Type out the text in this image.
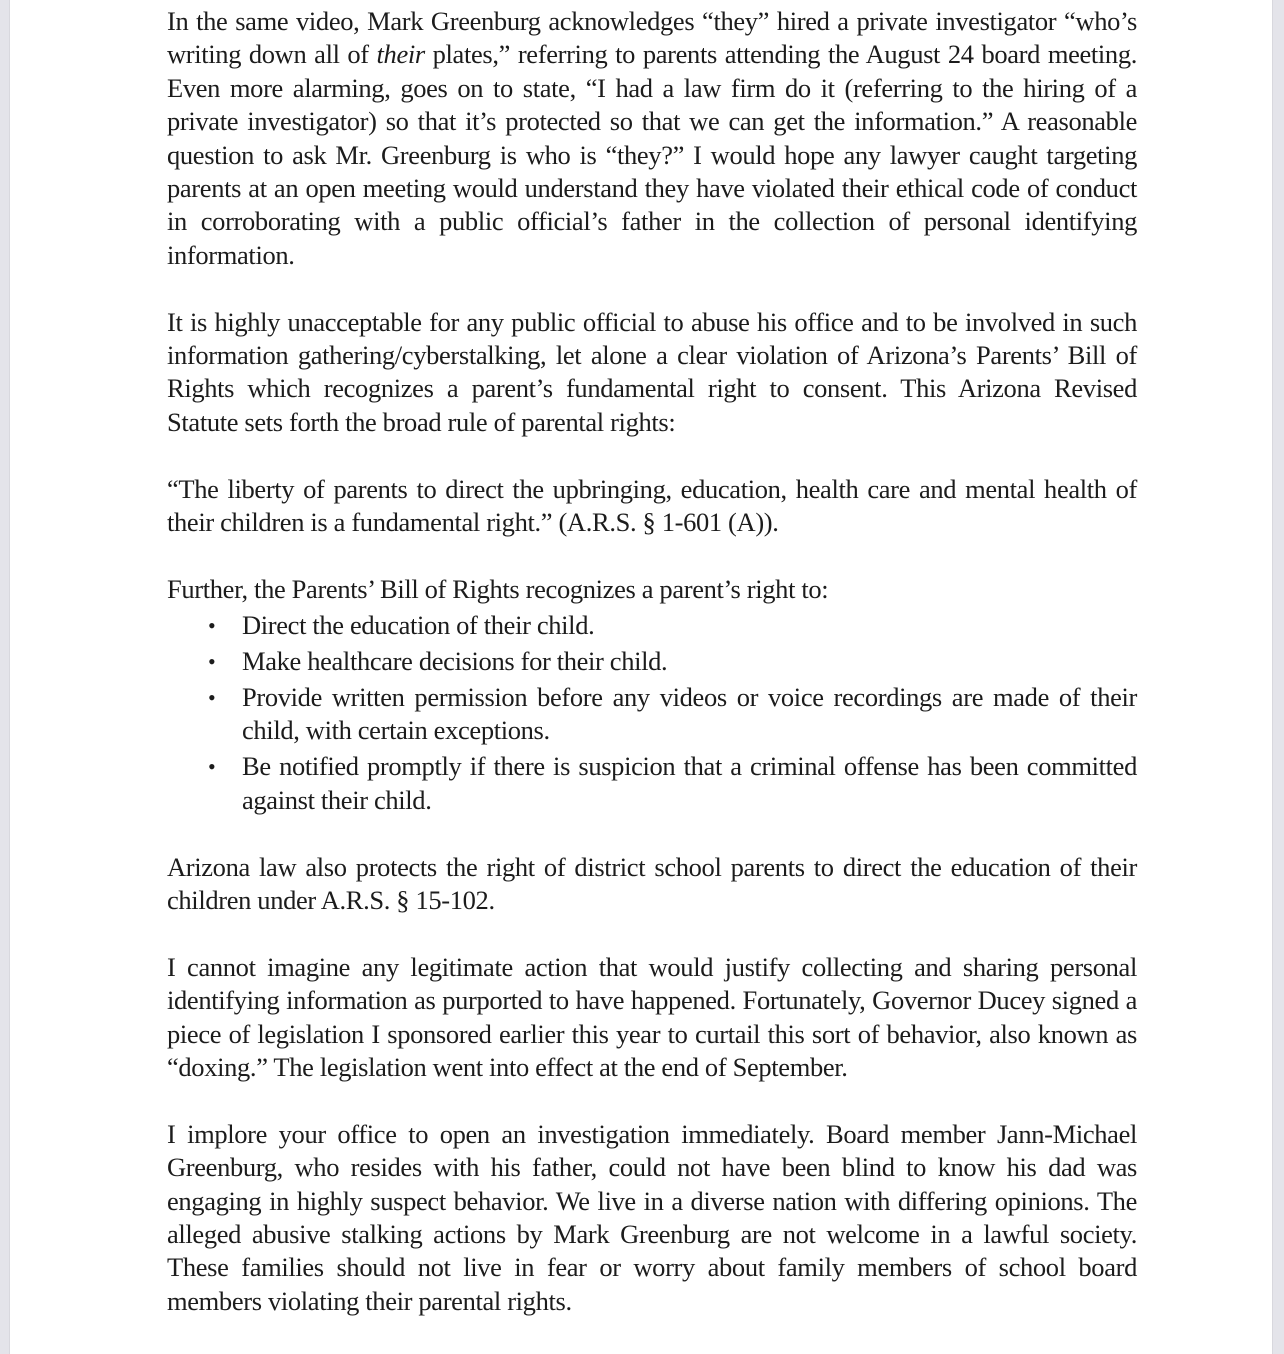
In the same video, Mark Greenburg acknowledges “they” hired a private investigator “who’s writing down all of their plates,” referring to parents attending the August 24 board meeting. Even more alarming, goes on to state, “I had a law firm do it (referring to the hiring of a private investigator) so that it’s protected so that we can get the information.” A reasonable question to ask Mr. Greenburg is who is “they?” I would hope any lawyer caught targeting parents at an open meeting would understand they have violated their ethical code of conduct in corroborating with a public official’s father in the collection of personal identifying information.

It is highly unacceptable for any public official to abuse his office and to be involved in such information gathering/cyberstalking, let alone a clear violation of Arizona’s Parents’ Bill of Rights which recognizes a parent’s fundamental right to consent. This Arizona Revised Statute sets forth the broad rule of parental rights:

“The liberty of parents to direct the upbringing, education, health care and mental health of their children is a fundamental right.” (A.R.S. § 1-601 (A)).

Further, the Parents’ Bill of Rights recognizes a parent’s right to:

• Direct the education of their child.
• Make healthcare decisions for their child.
• Provide written permission before any videos or voice recordings are made of their child, with certain exceptions.
• Be notified promptly if there is suspicion that a criminal offense has been committed against their child.

Arizona law also protects the right of district school parents to direct the education of their children under A.R.S. § 15-102.

I cannot imagine any legitimate action that would justify collecting and sharing personal identifying information as purported to have happened. Fortunately, Governor Ducey signed a piece of legislation I sponsored earlier this year to curtail this sort of behavior, also known as “doxing.” The legislation went into effect at the end of September.

I implore your office to open an investigation immediately. Board member Jann-Michael Greenburg, who resides with his father, could not have been blind to know his dad was engaging in highly suspect behavior. We live in a diverse nation with differing opinions. The alleged abusive stalking actions by Mark Greenburg are not welcome in a lawful society. These families should not live in fear or worry about family members of school board members violating their parental rights.
